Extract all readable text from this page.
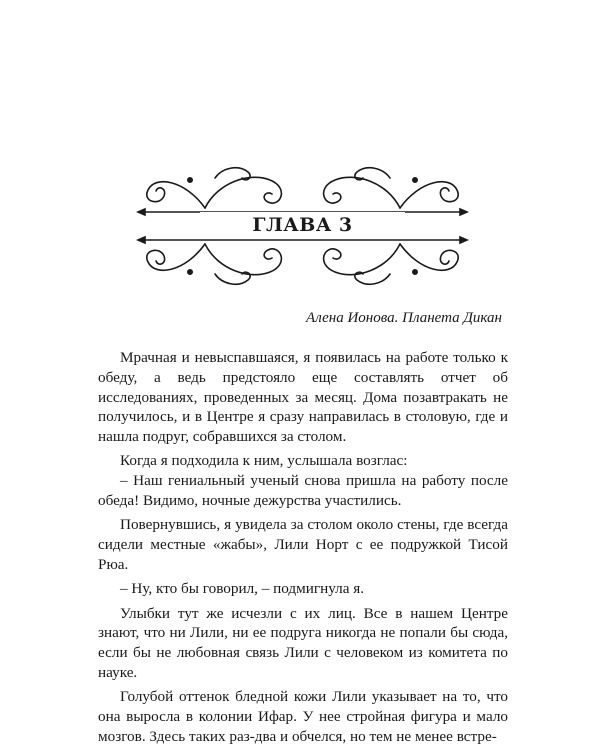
ГЛАВА 3
Алена Ионова. Планета Дикан

Мрачная и невыспавшаяся, я появилась на работе только к обеду, а ведь предстояло еще составлять отчет об исследованиях, проведенных за месяц. Дома позавтракать не получилось, и в Центре я сразу направилась в столовую, где и нашла подруг, собравшихся за столом.

Когда я подходила к ним, услышала возглас:

– Наш гениальный ученый снова пришла на работу после обеда! Видимо, ночные дежурства участились.

Повернувшись, я увидела за столом около стены, где всегда сидели местные «жабы», Лили Норт с ее подружкой Тисой Рюа.

– Ну, кто бы говорил, – подмигнула я.

Улыбки тут же исчезли с их лиц. Все в нашем Центре знают, что ни Лили, ни ее подруга никогда не попали бы сюда, если бы не любовная связь Лили с человеком из комитета по науке.

Голубой оттенок бледной кожи Лили указывает на то, что она выросла в колонии Ифар. У нее стройная фигура и мало мозгов. Здесь таких раз-два и обчелся, но тем не менее встре-
